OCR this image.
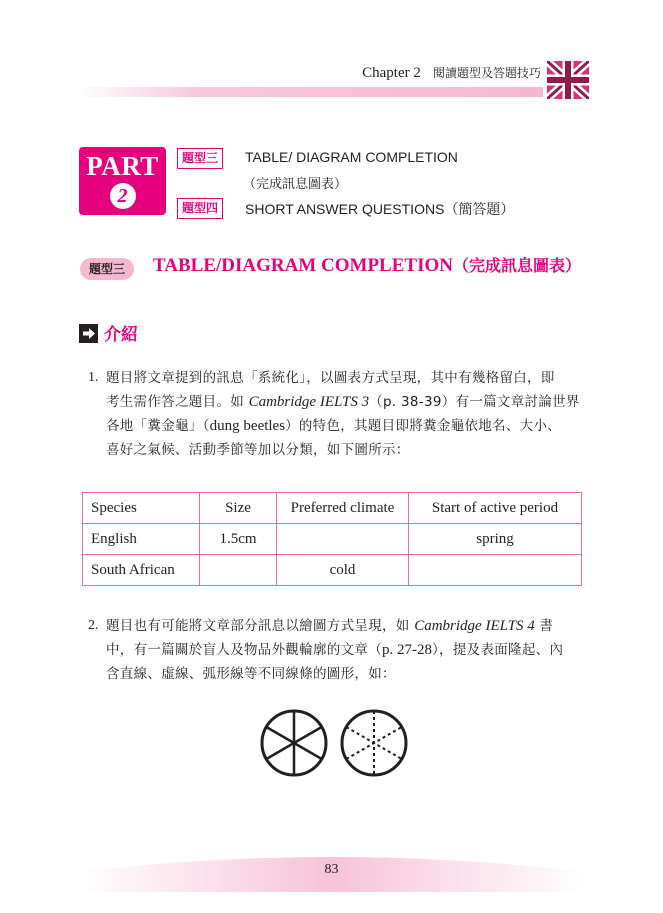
Chapter 2 閱讀題型及答題技巧
PART
2
題型三	TABLE/ DIAGRAM COMPLETION
（完成訊息圖表）
題型四	SHORT ANSWER QUESTIONS（簡答題）
題型三	TABLE/DIAGRAM COMPLETION（完成訊息圖表）
介紹
1. 題目將文章提到的訊息「系統化」，以圖表方式呈現，其中有幾格留白，即
考生需作答之題目。如 Cambridge IELTS 3（p. 38-39）有一篇文章討論世界
各地「糞金龜」（dung beetles）的特色，其題目即將糞金龜依地名、大小、
喜好之氣候、活動季節等加以分類，如下圖所示：
Species	Size	Preferred climate	Start of active period
English	1.5cm		spring
South African		cold	
2. 題目也有可能將文章部分訊息以繪圖方式呈現，如 Cambridge IELTS 4 書
中，有一篇關於盲人及物品外觀輪廓的文章（p. 27-28），提及表面隆起、內
含直線、虛線、弧形線等不同線條的圖形，如：
83
